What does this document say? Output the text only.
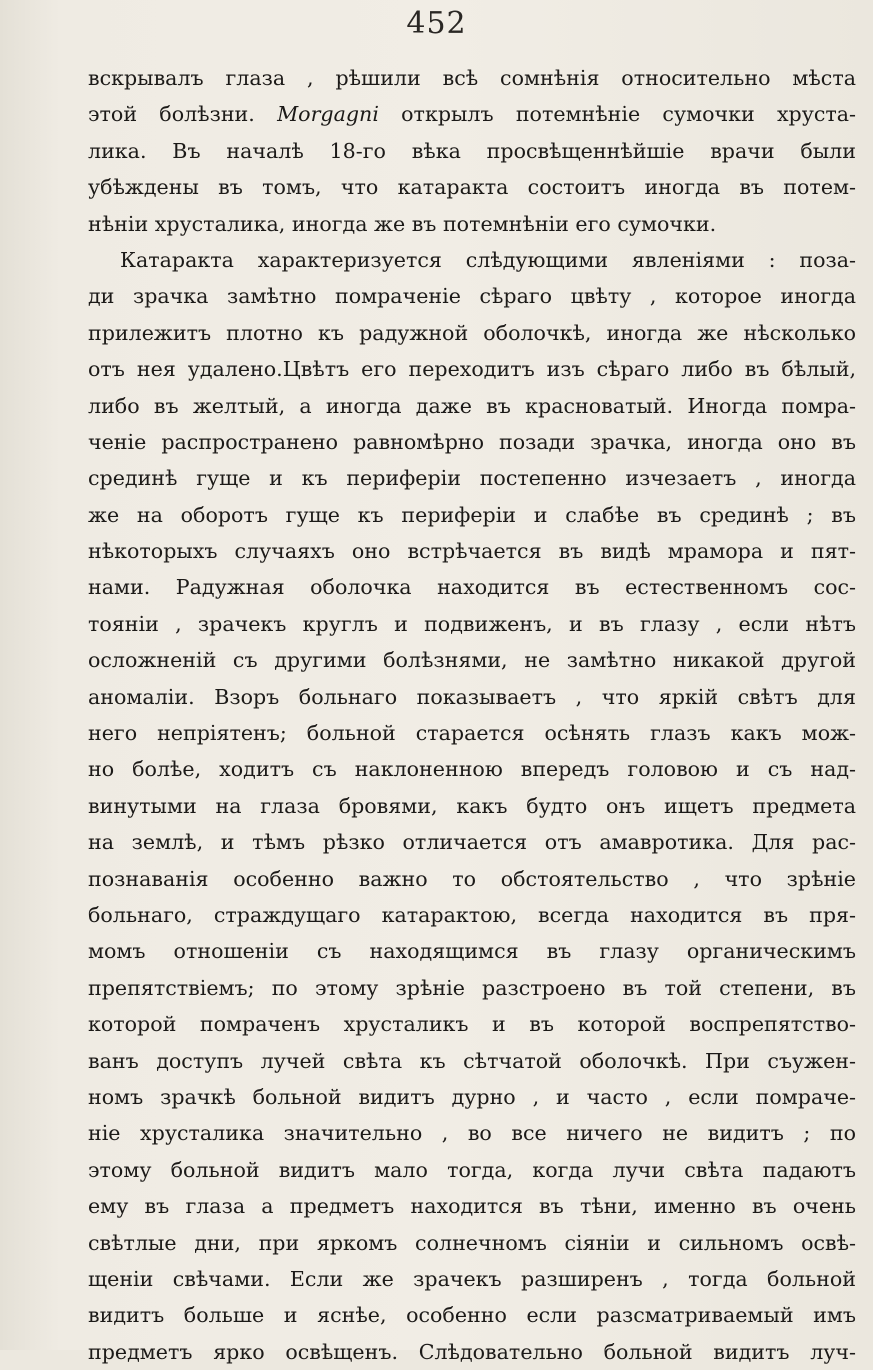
452
вскрывалъ глаза , рѣшили всѣ сомнѣнія относительно мѣста
этой болѣзни. Morgagni открылъ потемнѣніе сумочки хруста-
лика. Въ началѣ 18-го вѣка просвѣщеннѣйшіе врачи были
убѣждены въ томъ, что катаракта состоитъ иногда въ потем-
нѣніи хрусталика, иногда же въ потемнѣніи его сумочки.
Катаракта характеризуется слѣдующими явленіями : поза-
ди зрачка замѣтно помраченіе сѣраго цвѣту , которое иногда
прилежитъ плотно къ радужной оболочкѣ, иногда же нѣсколько
отъ нея удалено.Цвѣтъ его переходитъ изъ сѣраго либо въ бѣлый,
либо въ желтый, а иногда даже въ красноватый. Иногда помра-
ченіе распространено равномѣрно позади зрачка, иногда оно въ
срединѣ гуще и къ периферіи постепенно изчезаетъ , иногда
же на оборотъ гуще къ периферіи и слабѣе въ срединѣ ; въ
нѣкоторыхъ случаяхъ оно встрѣчается въ видѣ мрамора и пят-
нами. Радужная оболочка находится въ естественномъ сос-
тояніи , зрачекъ круглъ и подвиженъ, и въ глазу , если нѣтъ
осложненій съ другими болѣзнями, не замѣтно никакой другой
аномаліи. Взоръ больнаго показываетъ , что яркій свѣтъ для
него непріятенъ; больной старается осѣнять глазъ какъ мож-
но болѣе, ходитъ съ наклоненною впередъ головою и съ над-
винутыми на глаза бровями, какъ будто онъ ищетъ предмета
на землѣ, и тѣмъ рѣзко отличается отъ амавротика. Для рас-
познаванія особенно важно то обстоятельство , что зрѣніе
больнаго, страждущаго катарактою, всегда находится въ пря-
момъ отношеніи съ находящимся въ глазу органическимъ
препятствіемъ; по этому зрѣніе разстроено въ той степени, въ
которой помраченъ хрусталикъ и въ которой воспрепятство-
ванъ доступъ лучей свѣта къ сѣтчатой оболочкѣ. При съужен-
номъ зрачкѣ больной видитъ дурно , и часто , если помраче-
ніе хрусталика значительно , во все ничего не видитъ ; по
этому больной видитъ мало тогда, когда лучи свѣта падаютъ
ему въ глаза а предметъ находится въ тѣни, именно въ очень
свѣтлые дни, при яркомъ солнечномъ сіяніи и сильномъ освѣ-
щеніи свѣчами. Если же зрачекъ разширенъ , тогда больной
видитъ больше и яснѣе, особенно если разсматриваемый имъ
предметъ ярко освѣщенъ. Слѣдовательно больной видитъ луч-
